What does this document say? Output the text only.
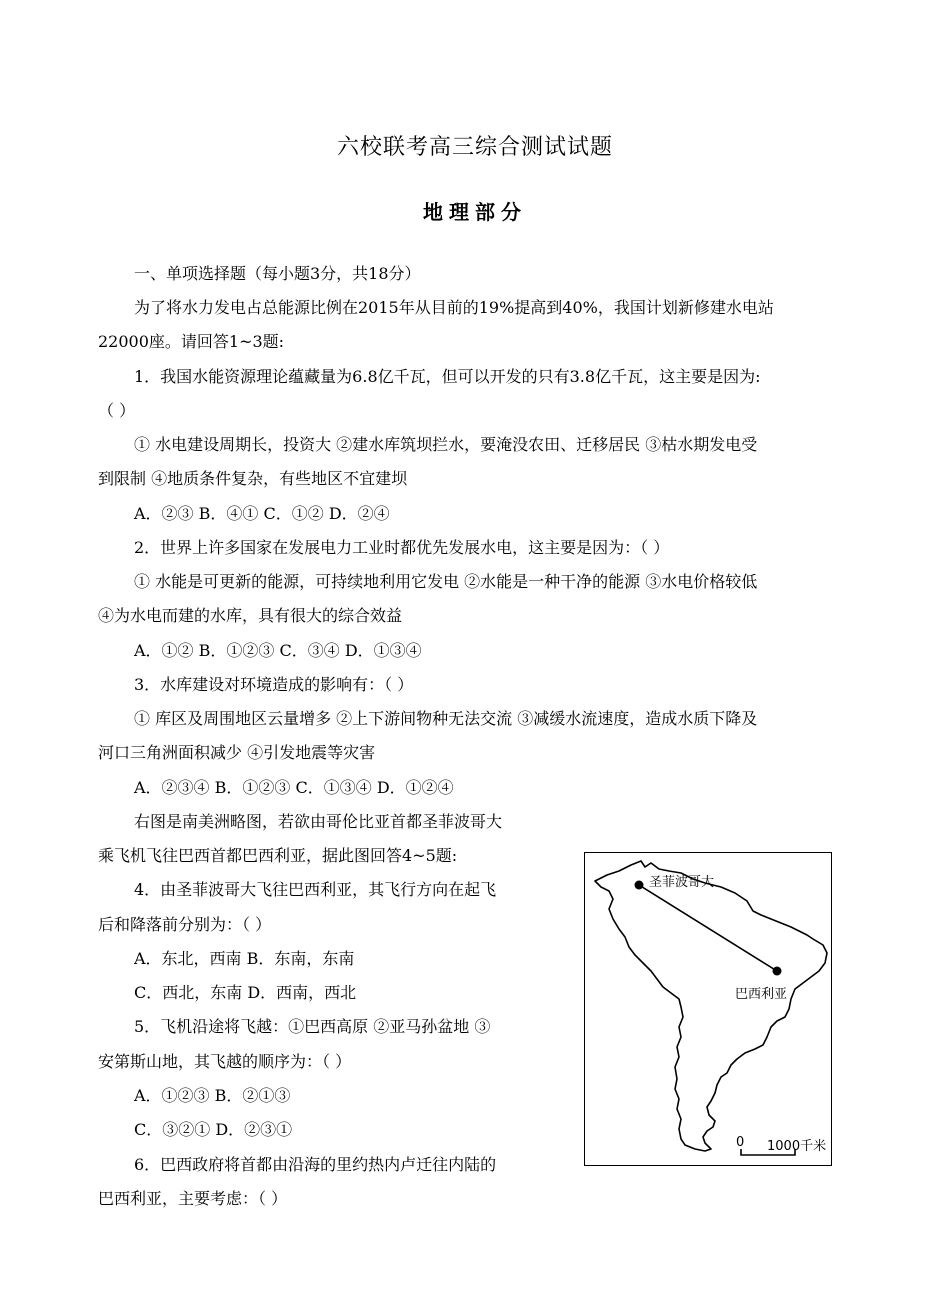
六校联考高三综合测试试题
地理部分
一、单项选择题（每小题3分，共18分）
为了将水力发电占总能源比例在2015年从目前的19%提高到40%，我国计划新修建水电站
22000座。请回答1~3题:
1．我国水能资源理论蕴藏量为6.8亿千瓦，但可以开发的只有3.8亿千瓦，这主要是因为:
（ ）
① 水电建设周期长，投资大 ②建水库筑坝拦水，要淹没农田、迁移居民 ③枯水期发电受
到限制 ④地质条件复杂，有些地区不宜建坝
A．②③ B．④① C．①② D．②④
2．世界上许多国家在发展电力工业时都优先发展水电，这主要是因为：（ ）
① 水能是可更新的能源，可持续地利用它发电 ②水能是一种干净的能源 ③水电价格较低
④为水电而建的水库，具有很大的综合效益
A．①② B．①②③ C．③④ D．①③④
3．水库建设对环境造成的影响有：（ ）
① 库区及周围地区云量增多 ②上下游间物种无法交流 ③减缓水流速度，造成水质下降及
河口三角洲面积减少 ④引发地震等灾害
A．②③④ B．①②③ C．①③④ D．①②④
右图是南美洲略图，若欲由哥伦比亚首都圣菲波哥大
乘飞机飞往巴西首都巴西利亚，据此图回答4~5题:
4．由圣菲波哥大飞往巴西利亚，其飞行方向在起飞
后和降落前分别为：（ ）
A．东北，西南 B．东南，东南
C．西北，东南 D．西南，西北
5．飞机沿途将飞越：①巴西高原 ②亚马孙盆地 ③
安第斯山地，其飞越的顺序为：（ ）
A．①②③ B．②①③
C．③②① D．②③①
6．巴西政府将首都由沿海的里约热内卢迁往内陆的
巴西利亚，主要考虑：（ ）
圣菲波哥大
巴西利亚
0 1000千米
